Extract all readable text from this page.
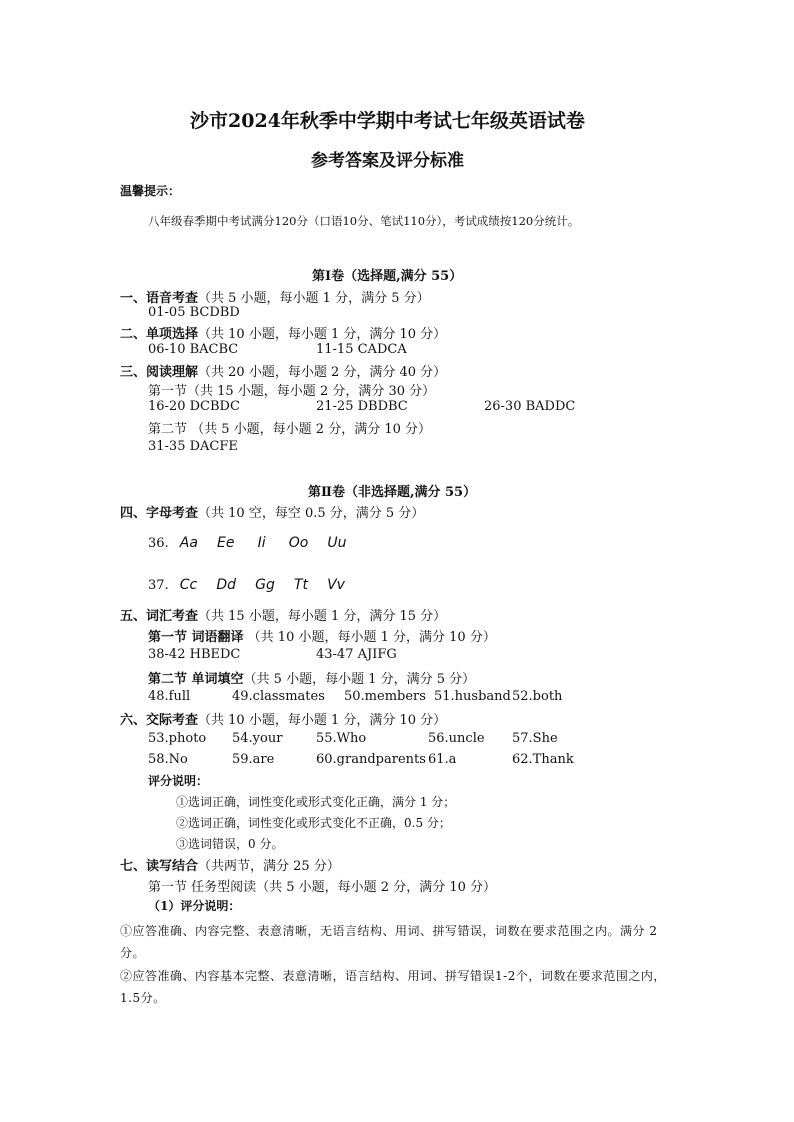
沙市2024年秋季中学期中考试七年级英语试卷
参考答案及评分标准
温馨提示：
八年级春季期中考试满分120分（口语10分、笔试110分），考试成绩按120分统计。
第Ⅰ卷（选择题,满分 55）
一、语音考查（共 5 小题，每小题 1 分，满分 5 分）
01-05 BCDBD
二、单项选择（共 10 小题，每小题 1 分，满分 10 分）
06-10 BACBC	11-15 CADCA
三、阅读理解（共 20 小题，每小题 2 分，满分 40 分）
第一节（共 15 小题，每小题 2 分，满分 30 分）
16-20 DCBDC	21-25 DBDBC	26-30 BADDC
第二节 （共 5 小题，每小题 2 分，满分 10 分）
31-35 DACFE
第Ⅱ卷（非选择题,满分 55）
四、字母考查（共 10 空，每空 0.5 分，满分 5 分）
36. Aa Ee Ii Oo Uu
37. Cc Dd Gg Tt Vv
五、词汇考查（共 15 小题，每小题 1 分，满分 15 分）
第一节 词语翻译 （共 10 小题，每小题 1 分，满分 10 分）
38-42 HBEDC	43-47 AJIFG
第二节 单词填空（共 5 小题，每小题 1 分，满分 5 分）
48.full	49.classmates 50.members 51.husband 52.both
六、交际考查（共 10 小题，每小题 1 分，满分 10 分）
53.photo 54.your	55.Who	56.uncle 57.She
58.No	59.are	60.grandparents 61.a	62.Thank
评分说明：
①选词正确，词性变化或形式变化正确，满分 1 分；
②选词正确，词性变化或形式变化不正确，0.5 分；
③选词错误，0 分。
七、读写结合（共两节，满分 25 分）
第一节 任务型阅读（共 5 小题，每小题 2 分，满分 10 分）
（1）评分说明：
①应答准确、内容完整、表意清晰，无语言结构、用词、拼写错误，词数在要求范围之内。满分 2 分。
②应答准确、内容基本完整、表意清晰，语言结构、用词、拼写错误1-2个，词数在要求范围之内，1.5分。
